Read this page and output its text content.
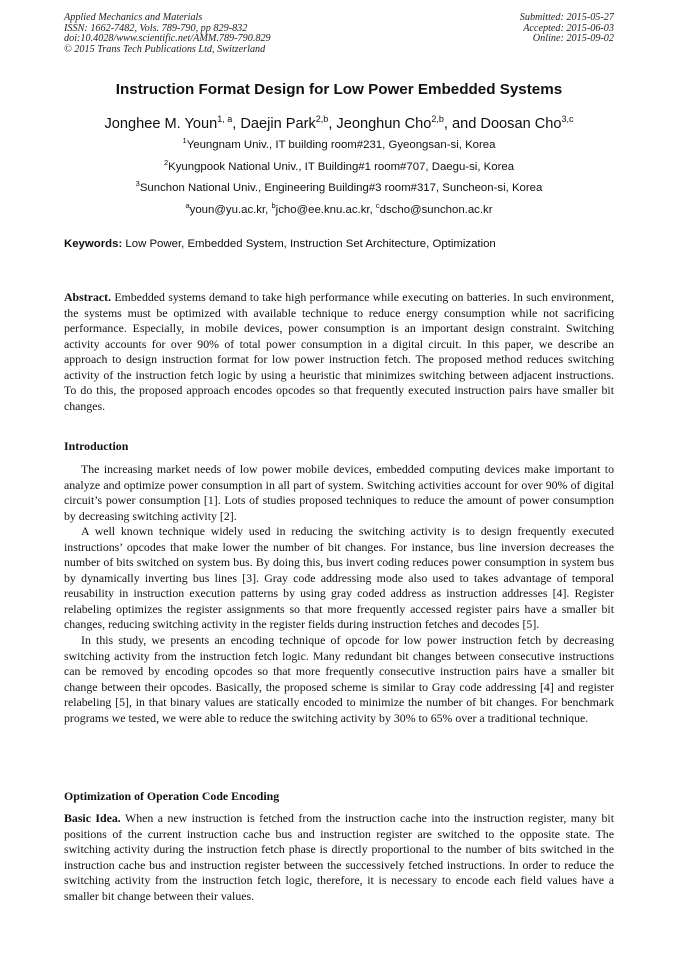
Applied Mechanics and Materials
ISSN: 1662-7482, Vols. 789-790, pp 829-832
doi:10.4028/www.scientific.net/AMM.789-790.829
© 2015 Trans Tech Publications Ltd, Switzerland
Submitted: 2015-05-27
Accepted: 2015-06-03
Online: 2015-09-02
Instruction Format Design for Low Power Embedded Systems
Jonghee M. Youn$^{1, a}$, Daejin Park$^{2,b}$, Jeonghun Cho$^{2,b}$, and Doosan Cho$^{3,c}$
$^1$Yeungnam Univ., IT building room#231, Gyeongsan-si, Korea
$^2$Kyungpook National Univ., IT Building#1 room#707, Daegu-si, Korea
$^3$Sunchon National Univ., Engineering Building#3 room#317, Suncheon-si, Korea
$^a$youn@yu.ac.kr, $^b$jcho@ee.knu.ac.kr, $^c$dscho@sunchon.ac.kr
Keywords: Low Power, Embedded System, Instruction Set Architecture, Optimization
Abstract. Embedded systems demand to take high performance while executing on batteries. In such environment, the systems must be optimized with available technique to reduce energy consumption while not sacrificing performance. Especially, in mobile devices, power consumption is an important design constraint. Switching activity accounts for over 90% of total power consumption in a digital circuit. In this paper, we describe an approach to design instruction format for low power instruction fetch. The proposed method reduces switching activity of the instruction fetch logic by using a heuristic that minimizes switching between adjacent instructions. To do this, the proposed approach encodes opcodes so that frequently executed instruction pairs have smaller bit changes.
Introduction

The increasing market needs of low power mobile devices, embedded computing devices make important to analyze and optimize power consumption in all part of system. Switching activities account for over 90% of digital circuit’s power consumption [1]. Lots of studies proposed techniques to reduce the amount of power consumption by decreasing switching activity [2].

A well known technique widely used in reducing the switching activity is to design frequently executed instructions’ opcodes that make lower the number of bit changes. For instance, bus line inversion decreases the number of bits switched on system bus. By doing this, bus invert coding reduces power consumption in system bus by dynamically inverting bus lines [3]. Gray code addressing mode also used to takes advantage of temporal reusability in instruction execution patterns by using gray coded address as instruction addresses [4]. Register relabeling optimizes the register assignments so that more frequently accessed register pairs have a smaller bit changes, reducing switching activity in the register fields during instruction fetches and decodes [5].

In this study, we presents an encoding technique of opcode for low power instruction fetch by decreasing switching activity from the instruction fetch logic. Many redundant bit changes between consecutive instructions can be removed by encoding opcodes so that more frequently consecutive instruction pairs have a smaller bit change between their opcodes. Basically, the proposed scheme is similar to Gray code addressing [4] and register relabeling [5], in that binary values are statically encoded to minimize the number of bit changes. For benchmark programs we tested, we were able to reduce the switching activity by 30% to 65% over a traditional technique.

Optimization of Operation Code Encoding
Basic Idea. When a new instruction is fetched from the instruction cache into the instruction register, many bit positions of the current instruction cache bus and instruction register are switched to the opposite state. The switching activity during the instruction fetch phase is directly proportional to the number of bits switched in the instruction cache bus and instruction register between the successively fetched instructions. In order to reduce the switching activity from the instruction fetch logic, therefore, it is necessary to encode each field values have a smaller bit change between their values.
